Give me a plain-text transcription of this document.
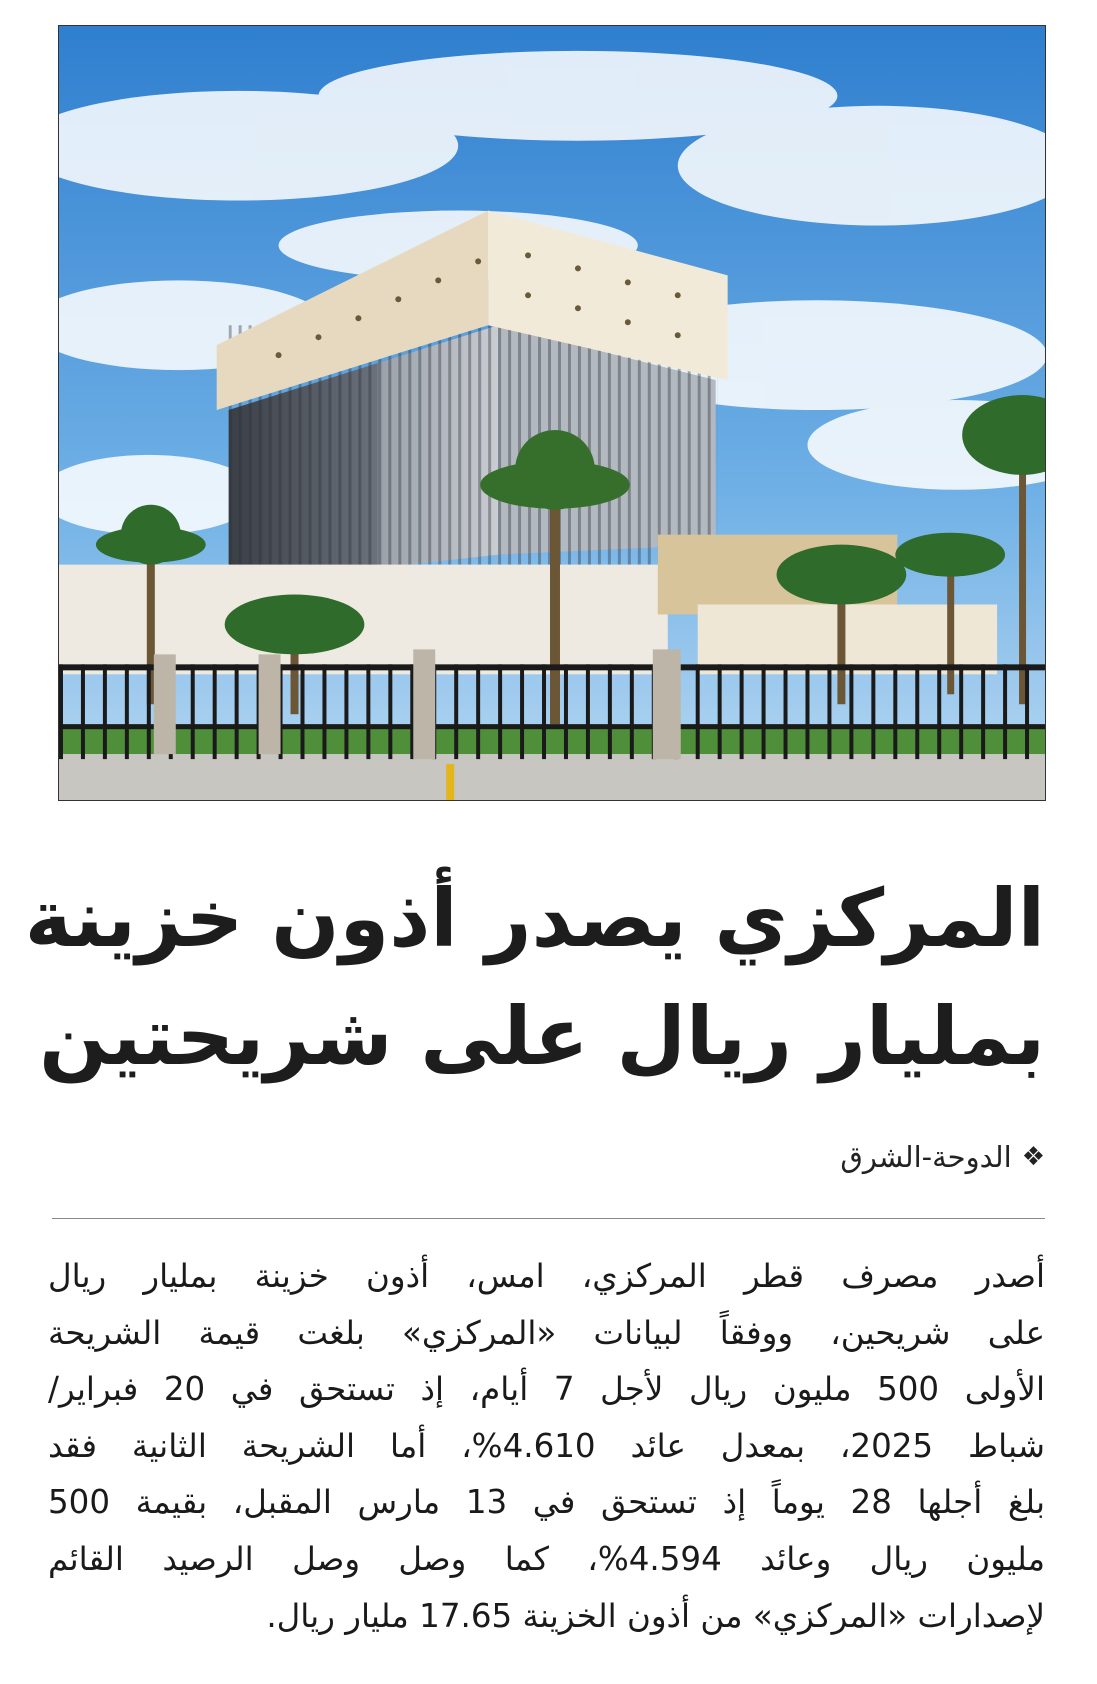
المركزي يصدر أذون خزينة
بمليار ريال على شريحتين
❖
الدوحة-الشرق
أصدر مصرف قطر المركزي، امس، أذون خزينة بمليار ريال
على شريحين، ووفقاً لبيانات «المركزي» بلغت قيمة الشريحة
الأولى 500 مليون ريال لأجل 7 أيام، إذ تستحق في 20 فبراير/
شباط 2025، بمعدل عائد 4.610%، أما الشريحة الثانية فقد
بلغ أجلها 28 يوماً إذ تستحق في 13 مارس المقبل، بقيمة 500
مليون ريال وعائد 4.594%، كما وصل وصل الرصيد القائم
لإصدارات «المركزي» من أذون الخزينة 17.65 مليار ريال.
